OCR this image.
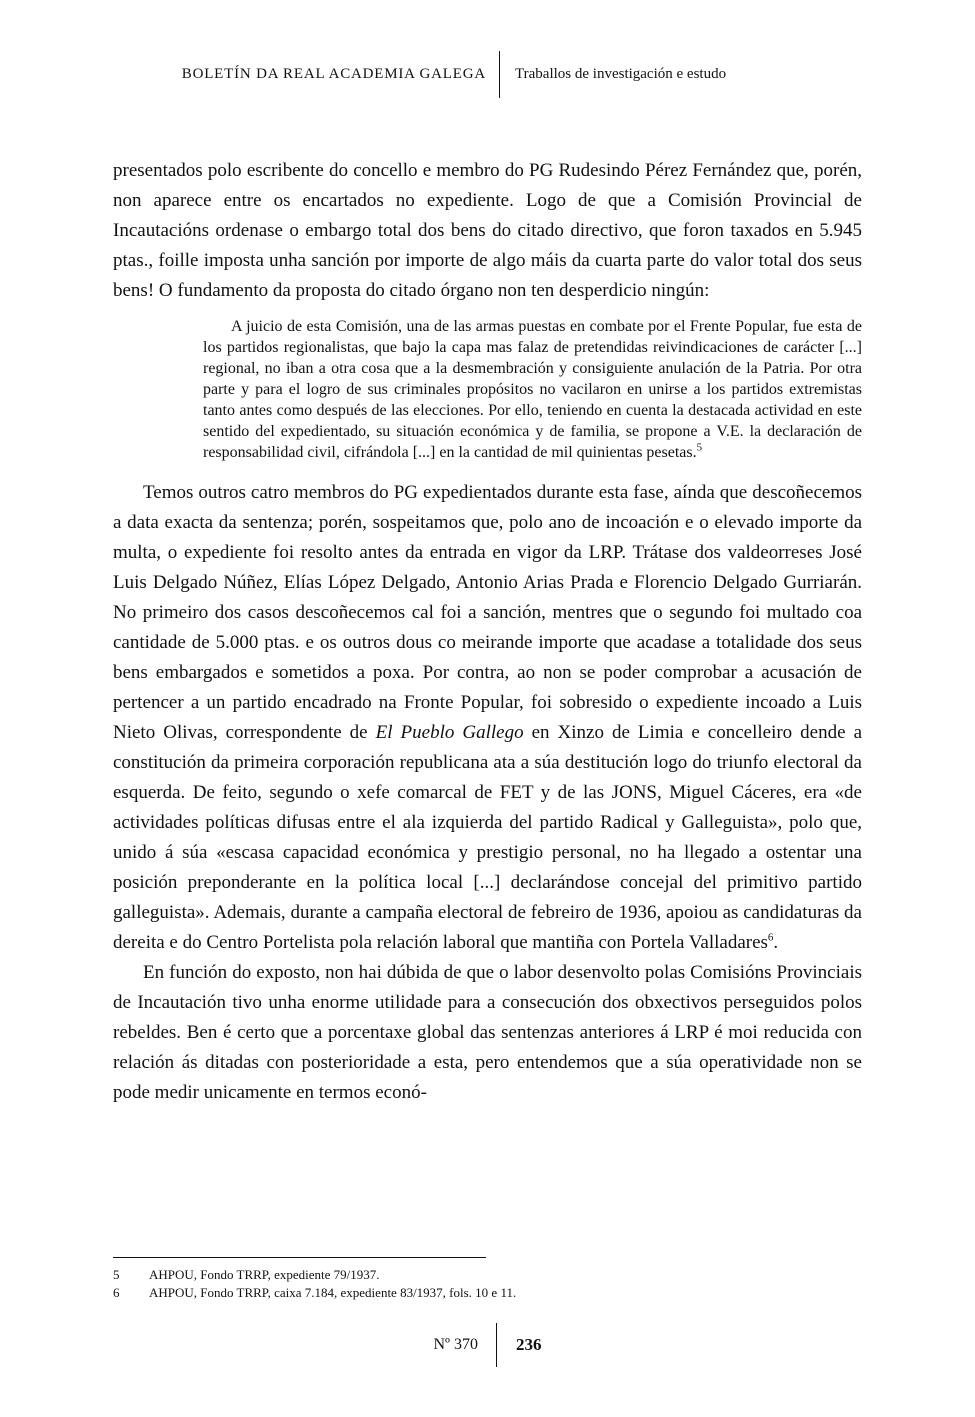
BOLETÍN DA REAL ACADEMIA GALEGA Traballos de investigación e estudo

presentados polo escribente do concello e membro do PG Rudesindo Pérez Fernández que, porén, non aparece entre os encartados no expediente. Logo de que a Comisión Provincial de Incautacións ordenase o embargo total dos bens do citado directivo, que foron taxados en 5.945 ptas., foille imposta unha sanción por importe de algo máis da cuarta parte do valor total dos seus bens! O fundamento da proposta do citado órgano non ten desperdicio ningún:

A juicio de esta Comisión, una de las armas puestas en combate por el Frente Popular, fue esta de los partidos regionalistas, que bajo la capa mas falaz de pretendidas reivindicaciones de carácter [...] regional, no iban a otra cosa que a la desmembración y consiguiente anulación de la Patria. Por otra parte y para el logro de sus criminales propósitos no vacilaron en unirse a los partidos extremistas tanto antes como después de las elecciones. Por ello, teniendo en cuenta la destacada actividad en este sentido del expedientado, su situación económica y de familia, se propone a V.E. la declaración de responsabilidad civil, cifrándola [...] en la cantidad de mil quinientas pesetas.$^5$

Temos outros catro membros do PG expedientados durante esta fase, aínda que descoñecemos a data exacta da sentenza; porén, sospeitamos que, polo ano de incoación e o elevado importe da multa, o expediente foi resolto antes da entrada en vigor da LRP. Trátase dos valdeorreses José Luis Delgado Núñez, Elías López Delgado, Antonio Arias Prada e Florencio Delgado Gurriarán. No primeiro dos casos descoñecemos cal foi a sanción, mentres que o segundo foi multado coa cantidade de 5.000 ptas. e os outros dous co meirande importe que acadase a totalidade dos seus bens embargados e sometidos a poxa. Por contra, ao non se poder comprobar a acusación de pertencer a un partido encadrado na Fronte Popular, foi sobresido o expediente incoado a Luis Nieto Olivas, correspondente de El Pueblo Gallego en Xinzo de Limia e concelleiro dende a constitución da primeira corporación republicana ata a súa destitución logo do triunfo electoral da esquerda. De feito, segundo o xefe comarcal de FET y de las JONS, Miguel Cáceres, era «de actividades políticas difusas entre el ala izquierda del partido Radical y Galleguista», polo que, unido á súa «escasa capacidad económica y prestigio personal, no ha llegado a ostentar una posición preponderante en la política local [...] declarándose concejal del primitivo partido galleguista». Ademais, durante a campaña electoral de febreiro de 1936, apoiou as candidaturas da dereita e do Centro Portelista pola relación laboral que mantiña con Portela Valladares$^6$.

En función do exposto, non hai dúbida de que o labor desenvolto polas Comisións Provinciais de Incautación tivo unha enorme utilidade para a consecución dos obxectivos perseguidos polos rebeldes. Ben é certo que a porcentaxe global das sentenzas anteriores á LRP é moi reducida con relación ás ditadas con posterioridade a esta, pero entendemos que a súa operatividade non se pode medir unicamente en termos econó-

5	AHPOU, Fondo TRRP, expediente 79/1937.
6	AHPOU, Fondo TRRP, caixa 7.184, expediente 83/1937, fols. 10 e 11.
Nº 370 236
